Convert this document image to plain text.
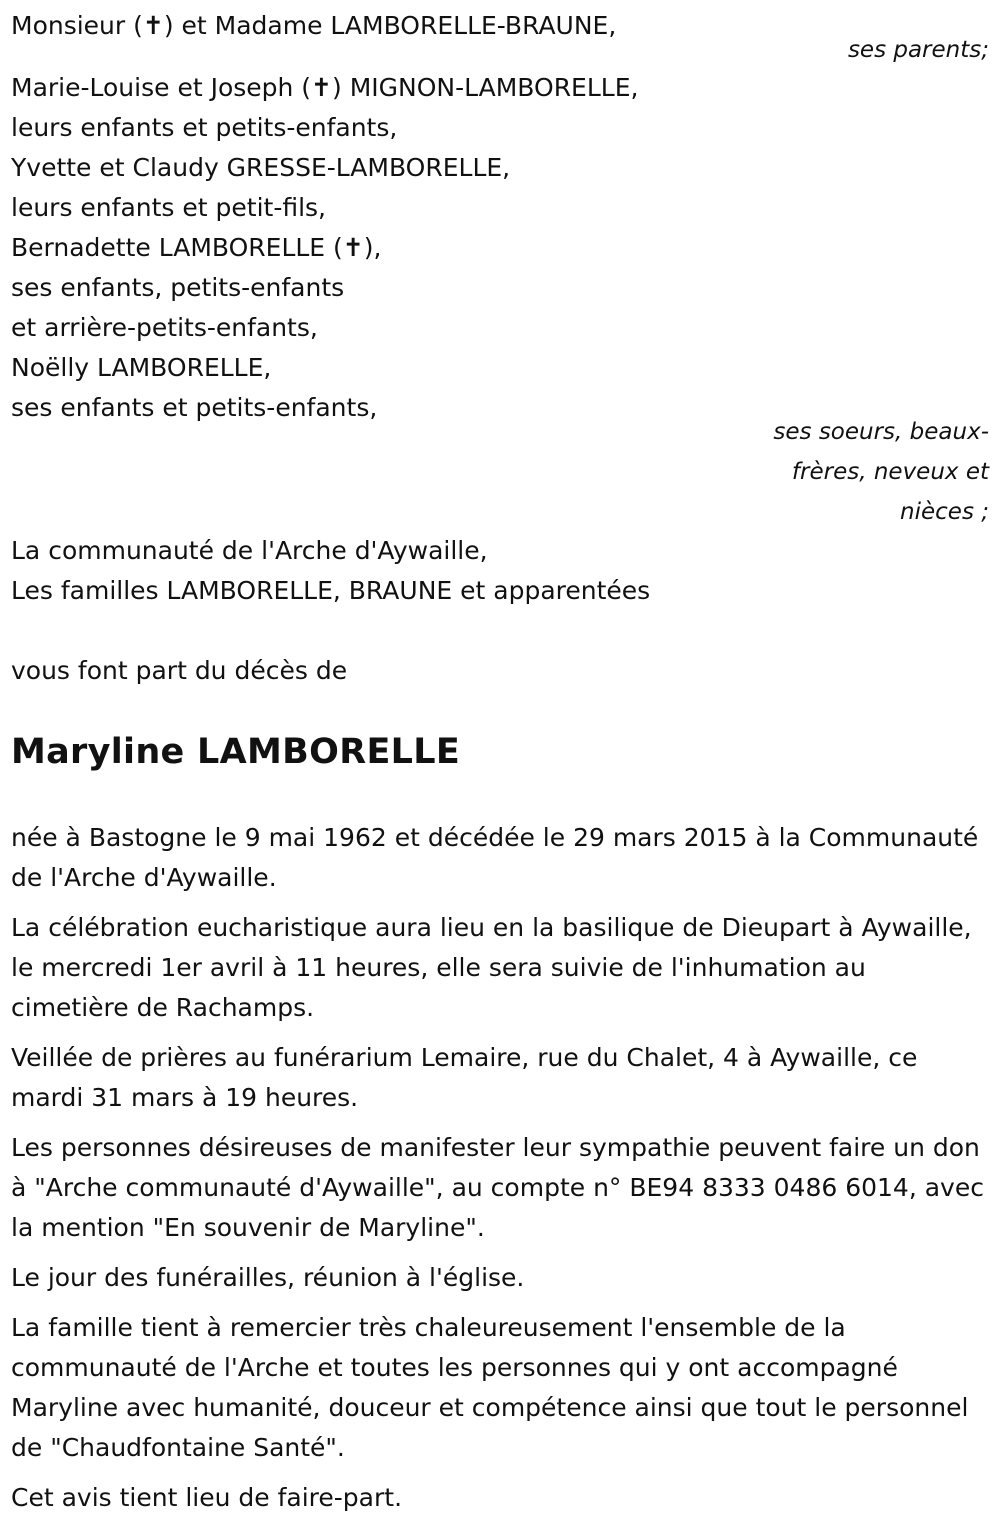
Monsieur (✝) et Madame LAMBORELLE-BRAUNE,
ses parents;
Marie-Louise et Joseph (✝) MIGNON-LAMBORELLE,
leurs enfants et petits-enfants,
Yvette et Claudy GRESSE-LAMBORELLE,
leurs enfants et petit-fils,
Bernadette LAMBORELLE (✝),
ses enfants, petits-enfants
et arrière-petits-enfants,
Noëlly LAMBORELLE,
ses enfants et petits-enfants,
ses soeurs, beaux-
frères, neveux et
nièces ;
La communauté de l'Arche d'Aywaille,
Les familles LAMBORELLE, BRAUNE et apparentées
vous font part du décès de
Maryline LAMBORELLE

née à Bastogne le 9 mai 1962 et décédée le 29 mars 2015 à la Communauté de l'Arche d'Aywaille.

La célébration eucharistique aura lieu en la basilique de Dieupart à Aywaille, le mercredi 1er avril à 11 heures, elle sera suivie de l'inhumation au cimetière de Rachamps.

Veillée de prières au funérarium Lemaire, rue du Chalet, 4 à Aywaille, ce mardi 31 mars à 19 heures.

Les personnes désireuses de manifester leur sympathie peuvent faire un don à "Arche communauté d'Aywaille", au compte n° BE94 8333 0486 6014, avec la mention "En souvenir de Maryline".

Le jour des funérailles, réunion à l'église.

La famille tient à remercier très chaleureusement l'ensemble de la communauté de l'Arche et toutes les personnes qui y ont accompagné Maryline avec humanité, douceur et compétence ainsi que tout le personnel de "Chaudfontaine Santé".

Cet avis tient lieu de faire-part.
